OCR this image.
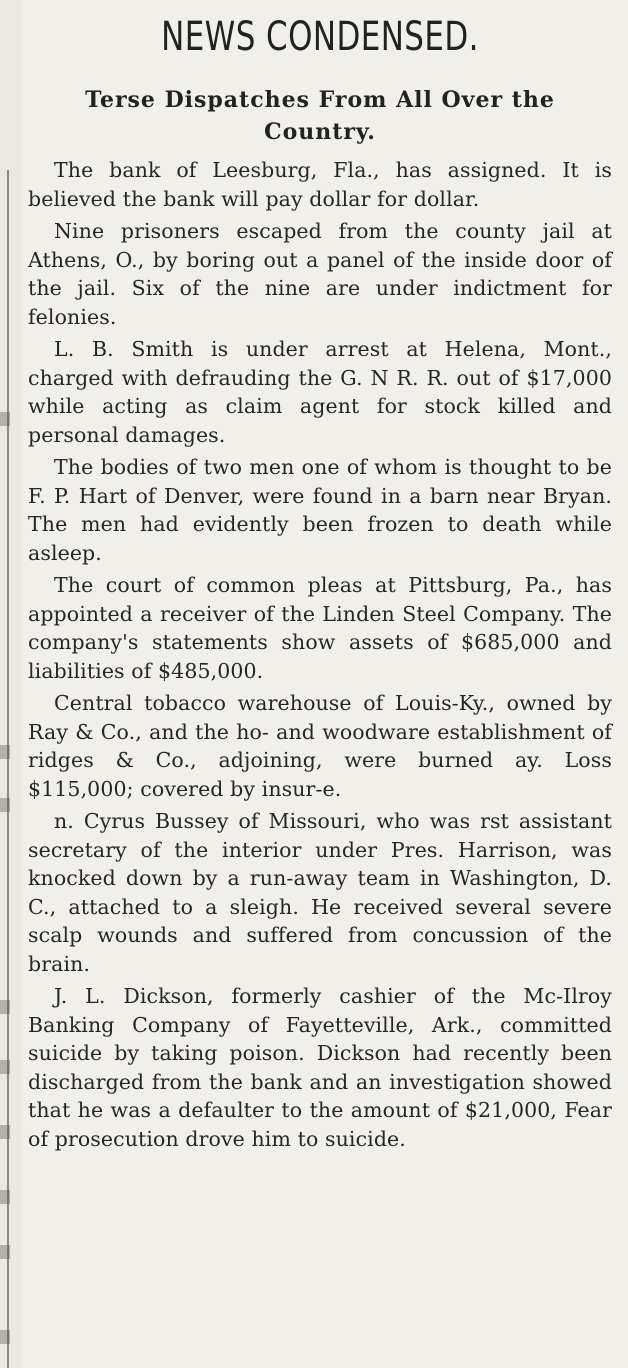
NEWS CONDENSED.
Terse Dispatches From All Over the Country.

The bank of Leesburg, Fla., has assigned. It is believed the bank will pay dollar for dollar.

Nine prisoners escaped from the county jail at Athens, O., by boring out a panel of the inside door of the jail. Six of the nine are under indictment for felonies.

L. B. Smith is under arrest at Helena, Mont., charged with defrauding the G. N R. R. out of $17,000 while acting as claim agent for stock killed and personal damages.

The bodies of two men one of whom is thought to be F. P. Hart of Denver, were found in a barn near Bryan. The men had evidently been frozen to death while asleep.

The court of common pleas at Pittsburg, Pa., has appointed a receiver of the Linden Steel Company. The company's statements show assets of $685,000 and liabilities of $485,000.

Central tobacco warehouse of Louis-Ky., owned by Ray & Co., and the ho- and woodware establishment of ridges & Co., adjoining, were burned ay. Loss $115,000; covered by insur-e.

n. Cyrus Bussey of Missouri, who was rst assistant secretary of the interior under Pres. Harrison, was knocked down by a run-away team in Washington, D. C., attached to a sleigh. He received several severe scalp wounds and suffered from concussion of the brain.

J. L. Dickson, formerly cashier of the Mc-Ilroy Banking Company of Fayetteville, Ark., committed suicide by taking poison. Dickson had recently been discharged from the bank and an investigation showed that he was a defaulter to the amount of $21,000, Fear of prosecution drove him to suicide.
